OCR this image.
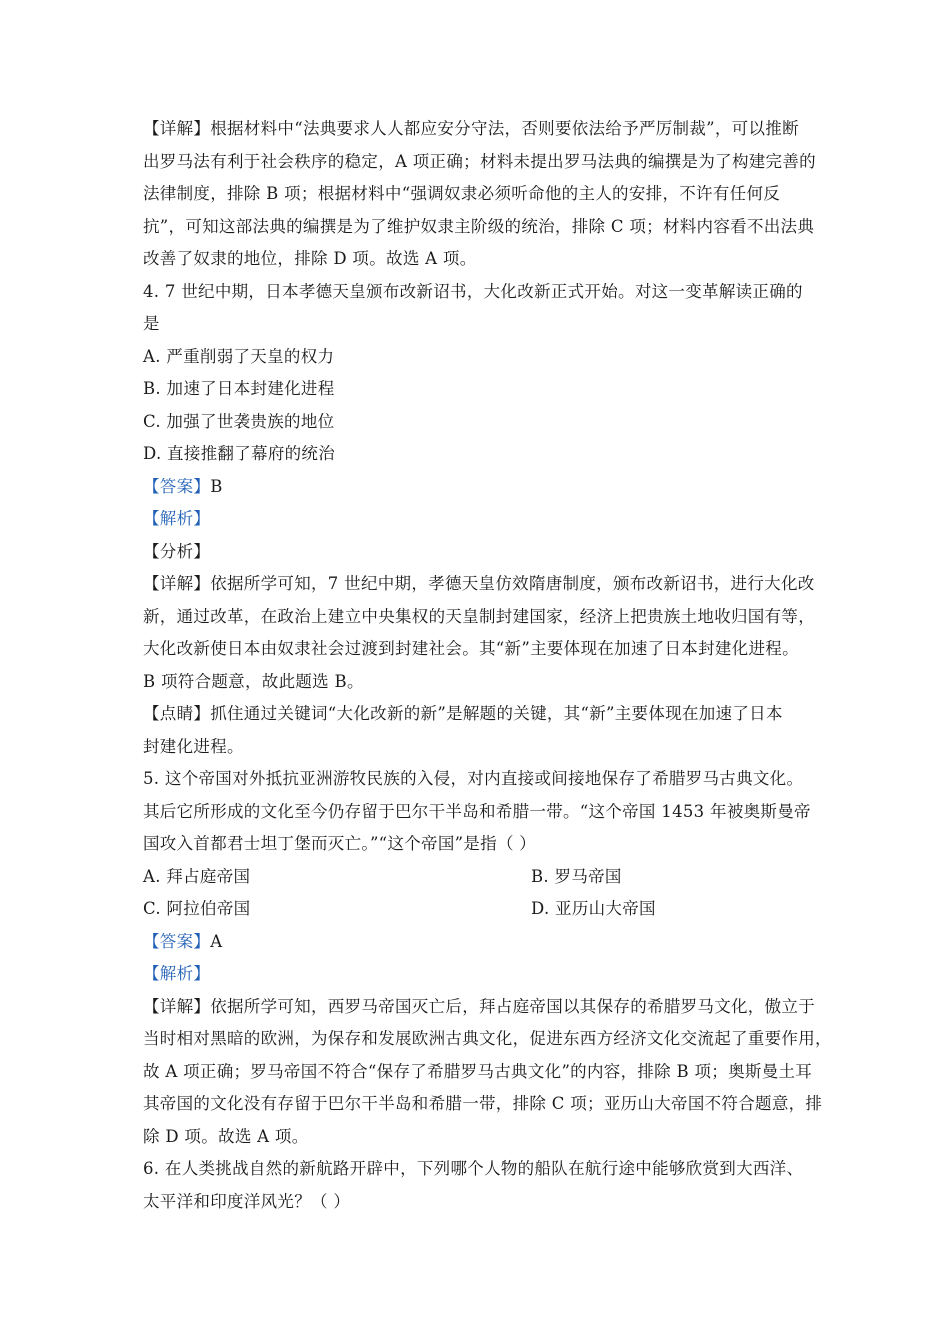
【详解】根据材料中“法典要求人人都应安分守法，否则要依法给予严厉制裁”，可以推断
出罗马法有利于社会秩序的稳定，A 项正确；材料未提出罗马法典的编撰是为了构建完善的
法律制度，排除 B 项；根据材料中“强调奴隶必须听命他的主人的安排，不许有任何反
抗”，可知这部法典的编撰是为了维护奴隶主阶级的统治，排除 C 项；材料内容看不出法典
改善了奴隶的地位，排除 D 项。故选 A 项。
4. 7 世纪中期，日本孝德天皇颁布改新诏书，大化改新正式开始。对这一变革解读正确的
是
A. 严重削弱了天皇的权力
B. 加速了日本封建化进程
C. 加强了世袭贵族的地位
D. 直接推翻了幕府的统治
【答案】B
【解析】
【分析】
【详解】依据所学可知，7 世纪中期，孝德天皇仿效隋唐制度，颁布改新诏书，进行大化改
新，通过改革，在政治上建立中央集权的天皇制封建国家，经济上把贵族土地收归国有等，
大化改新使日本由奴隶社会过渡到封建社会。其“新”主要体现在加速了日本封建化进程。
B 项符合题意，故此题选 B。
【点睛】抓住通过关键词“大化改新的新”是解题的关键，其“新”主要体现在加速了日本
封建化进程。
5. 这个帝国对外抵抗亚洲游牧民族的入侵，对内直接或间接地保存了希腊罗马古典文化。
其后它所形成的文化至今仍存留于巴尔干半岛和希腊一带。“这个帝国 1453 年被奥斯曼帝
国攻入首都君士坦丁堡而灭亡。”“这个帝国”是指（ ）
A. 拜占庭帝国	B. 罗马帝国
C. 阿拉伯帝国	D. 亚历山大帝国
【答案】A
【解析】
【详解】依据所学可知，西罗马帝国灭亡后，拜占庭帝国以其保存的希腊罗马文化，傲立于
当时相对黑暗的欧洲，为保存和发展欧洲古典文化，促进东西方经济文化交流起了重要作用，
故 A 项正确；罗马帝国不符合“保存了希腊罗马古典文化”的内容，排除 B 项；奥斯曼土耳
其帝国的文化没有存留于巴尔干半岛和希腊一带，排除 C 项；亚历山大帝国不符合题意，排
除 D 项。故选 A 项。
6. 在人类挑战自然的新航路开辟中，下列哪个人物的船队在航行途中能够欣赏到大西洋、
太平洋和印度洋风光？（ ）
